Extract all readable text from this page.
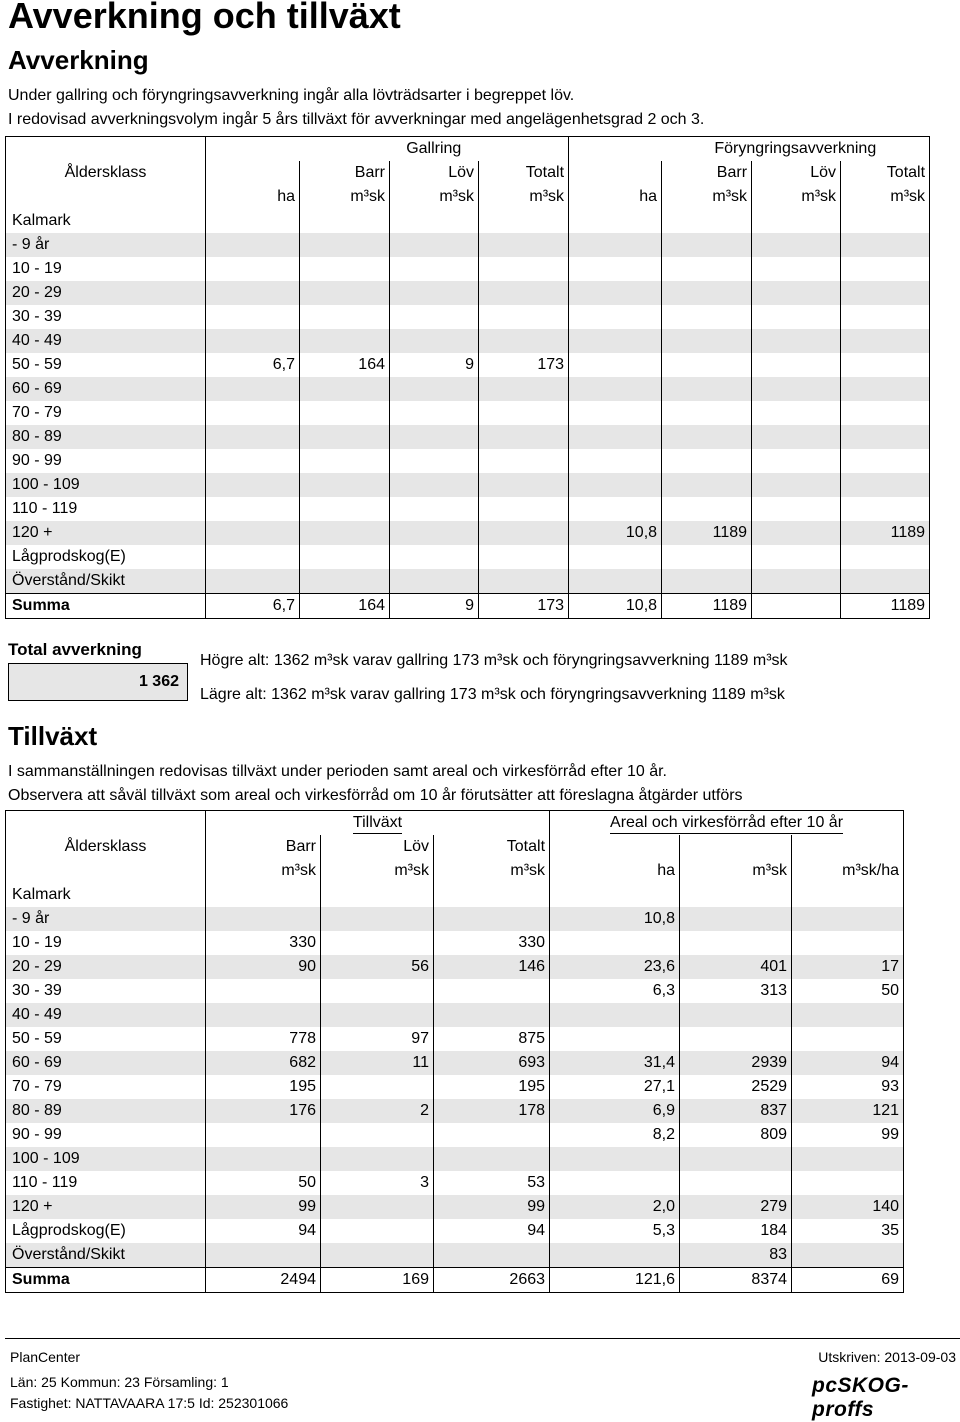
Avverkning och tillväxt
Avverkning
Under gallring och föryngringsavverkning ingår alla lövträdsarter i begreppet löv.
I redovisad avverkningsvolym ingår 5 års tillväxt för avverkningar med angelägenhetsgrad 2 och 3.
		Gallring				Föryngringsavverkning		
Åldersklass		Barr	Löv	Totalt		Barr	Löv	Totalt
	ha	m³sk	m³sk	m³sk	ha	m³sk	m³sk	m³sk
Kalmark								
- 9 år								
10 - 19								
20 - 29								
30 - 39								
40 - 49								
50 - 59	6,7	164	9	173				
60 - 69								
70 - 79								
80 - 89								
90 - 99								
100 - 109								
110 - 119								
120 +					10,8	1189		1189
Lågprodskog(E)								
Överstånd/Skikt								
Summa	6,7	164	9	173	10,8	1189		1189
Total avverkning
1 362
Högre alt: 1362 m³sk varav gallring 173 m³sk och föryngringsavverkning 1189 m³sk
Lägre alt: 1362 m³sk varav gallring 173 m³sk och föryngringsavverkning 1189 m³sk
Tillväxt
I sammanställningen redovisas tillväxt under perioden samt areal och virkesförråd efter 10 år.
Observera att såväl tillväxt som areal och virkesförråd om 10 år förutsätter att föreslagna åtgärder utförs
	Tillväxt			Areal och virkesförråd efter 10 år		
Åldersklass	Barr	Löv	Totalt			
	m³sk	m³sk	m³sk	ha	m³sk	m³sk/ha
Kalmark						
- 9 år				10,8		
10 - 19	330		330			
20 - 29	90	56	146	23,6	401	17
30 - 39				6,3	313	50
40 - 49						
50 - 59	778	97	875			
60 - 69	682	11	693	31,4	2939	94
70 - 79	195		195	27,1	2529	93
80 - 89	176	2	178	6,9	837	121
90 - 99				8,2	809	99
100 - 109						
110 - 119	50	3	53			
120 +	99		99	2,0	279	140
Lågprodskog(E)	94		94	5,3	184	35
Överstånd/Skikt					83	
Summa	2494	169	2663	121,6	8374	69
PlanCenter	Utskriven: 2013-09-03
Län: 25 Kommun: 23 Församling: 1
Fastighet: NATTAVAARA 17:5 Id: 252301066
pcSKOG-proffs
